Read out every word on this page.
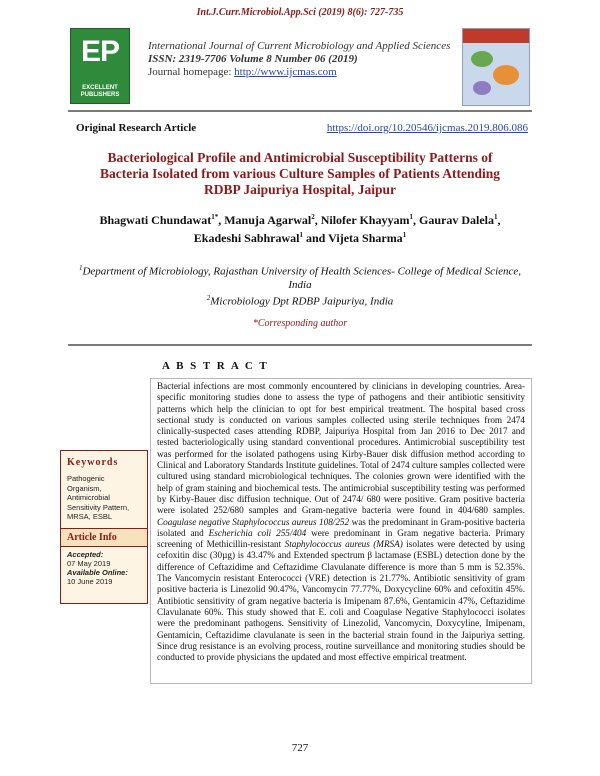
Int.J.Curr.Microbiol.App.Sci (2019) 8(6): 727-735
EP
EXCELLENT PUBLISHERS
International Journal of Current Microbiology and Applied Sciences
ISSN: 2319-7706 Volume 8 Number 06 (2019)
Journal homepage: http://www.ijcmas.com
Original Research Article	https://doi.org/10.20546/ijcmas.2019.806.086
Bacteriological Profile and Antimicrobial Susceptibility Patterns of
Bacteria Isolated from various Culture Samples of Patients Attending
RDBP Jaipuriya Hospital, Jaipur
Bhagwati Chundawat$^{1*}$, Manuja Agarwal$^2$, Nilofer Khayyam$^1$, Gaurav Dalela$^1$,
Ekadeshi Sabhrawal$^1$ and Vijeta Sharma$^1$
$^1$Department of Microbiology, Rajasthan University of Health Sciences- College of Medical Science, India
$^2$Microbiology Dpt RDBP Jaipuriya, India
*Corresponding author
A B S T R A C T
Keywords
Pathogenic Organism, Antimicrobial Sensitivity Pattern, MRSA, ESBL
Article Info
Accepted:
07 May 2019
Available Online:
10 June 2019

Bacterial infections are most commonly encountered by clinicians in developing countries. Area-specific monitoring studies done to assess the type of pathogens and their antibiotic sensitivity patterns which help the clinician to opt for best empirical treatment. The hospital based cross sectional study is conducted on various samples collected using sterile techniques from 2474 clinically-suspected cases attending RDBP, Jaipuriya Hospital from Jan 2016 to Dec 2017 and tested bacteriologically using standard conventional procedures. Antimicrobial susceptibility test was performed for the isolated pathogens using Kirby-Bauer disk diffusion method according to Clinical and Laboratory Standards Institute guidelines. Total of 2474 culture samples collected were cultured using standard microbiological techniques. The colonies grown were identified with the help of gram staining and biochemical tests. The antimicrobial susceptibility testing was performed by Kirby-Bauer disc diffusion technique. Out of 2474/ 680 were positive. Gram positive bacteria were isolated 252/680 samples and Gram-negative bacteria were found in 404/680 samples. Coagulase negative Staphylococcus aureus 108/252 was the predominant in Gram-positive bacteria isolated and Escherichia coli 255/404 were predominant in Gram negative bacteria. Primary screening of Methicillin-resistant Staphylococcus aureus (MRSA) isolates were detected by using cefoxitin disc (30µg) is 43.47% and Extended spectrum β lactamase (ESBL) detection done by the difference of Ceftazidime and Ceftazidime Clavulanate difference is more than 5 mm is 52.35%. The Vancomycin resistant Enterococci (VRE) detection is 21.77%. Antibiotic sensitivity of gram positive bacteria is Linezolid 90.47%, Vancomycin 77.77%, Doxycycline 60% and cefoxitin 45%. Antibiotic sensitivity of gram negative bacteria is Imipenam 87.6%, Gentamicin 47%, Ceftazidime Clavulanate 60%. This study showed that E. coli and Coagulase Negative Staphylococci isolates were the predominant pathogens. Sensitivity of Linezolid, Vancomycin, Doxycyline, Imipenam, Gentamicin, Ceftazidime clavulanate is seen in the bacterial strain found in the Jaipuriya setting. Since drug resistance is an evolving process, routine surveillance and monitoring studies should be conducted to provide physicians the updated and most effective empirical treatment.

727
